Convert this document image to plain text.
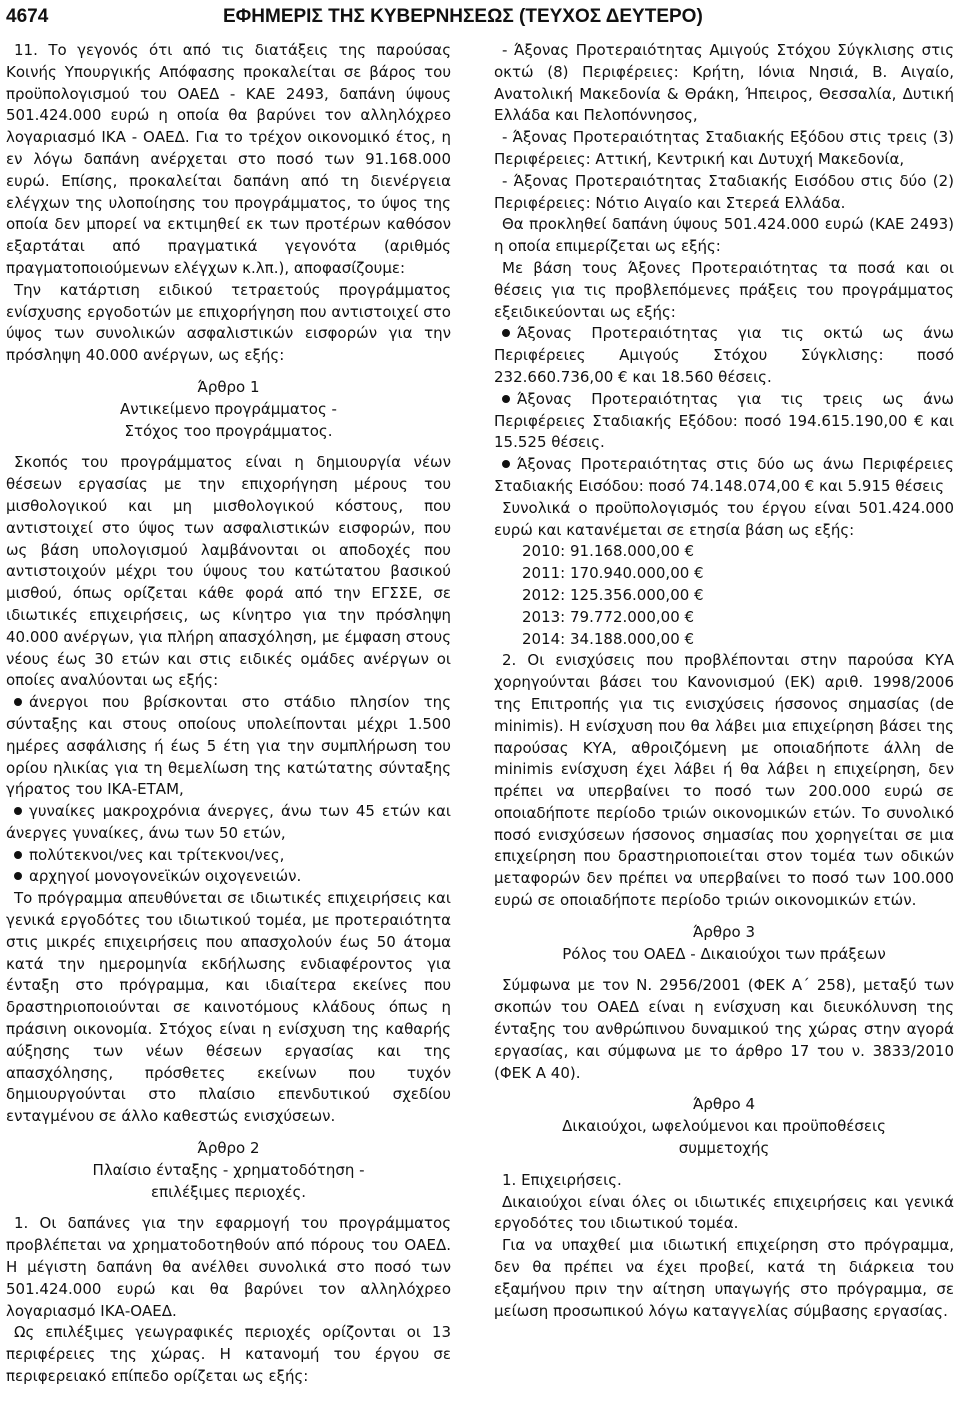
4674	ΕΦΗΜΕΡΙΣ ΤΗΣ ΚΥΒΕΡΝΗΣΕΩΣ (ΤΕΥΧΟΣ ΔΕΥΤΕΡΟ)

11. Το γεγονός ότι από τις διατάξεις της παρούσας Κοινής Υπουργικής Απόφασης προκαλείται σε βάρος του προϋπολογισμού του ΟΑΕΔ - ΚΑΕ 2493, δαπάνη ύψους 501.424.000 ευρώ η οποία θα βαρύνει τον αλληλόχρεο λογαριασμό ΙΚΑ - ΟΑΕΔ. Για το τρέχον οικονομικό έτος, η εν λόγω δαπάνη ανέρχεται στο ποσό των 91.168.000 ευρώ. Επίσης, προκαλείται δαπάνη από τη διενέργεια ελέγχων της υλοποίησης του προγράμματος, το ύψος της οποία δεν μπορεί να εκτιμηθεί εκ των προτέρων καθόσον εξαρτάται από πραγματικά γεγονότα (αριθμός πραγματοποιούμενων ελέγχων κ.λπ.), αποφασίζουμε:

Την κατάρτιση ειδικού τετραετούς προγράμματος ενίσχυσης εργοδοτών με επιχορήγηση που αντιστοιχεί στο ύψος των συνολικών ασφαλιστικών εισφορών για την πρόσληψη 40.000 ανέργων, ως εξής:

Άρθρο 1

Αντικείμενο προγράμματος -

Στόχος τοο προγράμματος.

Σκοπός του προγράμματος είναι η δημιουργία νέων θέσεων εργασίας με την επιχορήγηση μέρους του μισθολογικού και μη μισθολογικού κόστους, που αντιστοιχεί στο ύψος των ασφαλιστικών εισφορών, που ως βάση υπολογισμού λαμβάνονται οι αποδοχές που αντιστοιχούν μέχρι του ύψους του κατώτατου βασικού μισθού, όπως ορίζεται κάθε φορά από την ΕΓΣΣΕ, σε ιδιωτικές επιχειρήσεις, ως κίνητρο για την πρόσληψη 40.000 ανέργων, για πλήρη απασχόληση, με έμφαση στους νέους έως 30 ετών και στις ειδικές ομάδες ανέργων οι οποίες αναλύονται ως εξής:

άνεργοι που βρίσκονται στο στάδιο πλησίον της σύνταξης και στους οποίους υπολείπονται μέχρι 1.500 ημέρες ασφάλισης ή έως 5 έτη για την συμπλήρωση του ορίου ηλικίας για τη θεμελίωση της κατώτατης σύνταξης γήρατος του ΙΚΑ-ΕΤΑΜ,

γυναίκες μακροχρόνια άνεργες, άνω των 45 ετών και άνεργες γυναίκες, άνω των 50 ετών,

πολύτεκνοι/νες και τρίτεκνοι/νες,

αρχηγοί μονογονεϊκών οιχογενειών.

Το πρόγραμμα απευθύνεται σε ιδιωτικές επιχειρήσεις και γενικά εργοδότες του ιδιωτικού τομέα, με προτεραιότητα στις μικρές επιχειρήσεις που απασχολούν έως 50 άτομα κατά την ημερομηνία εκδήλωσης ενδιαφέροντος για ένταξη στο πρόγραμμα, και ιδιαίτερα εκείνες που δραστηριοποιούνται σε καινοτόμους κλάδους όπως η πράσινη οικονομία. Στόχος είναι η ενίσχυση της καθαρής αύξησης των νέων θέσεων εργασίας και της απασχόλησης, πρόσθετες εκείνων που τυχόν δημιουργούνται στο πλαίσιο επενδυτικού σχεδίου ενταγμένου σε άλλο καθεστώς ενισχύσεων.

Άρθρο 2

Πλαίσιο ένταξης - χρηματοδότηση -

επιλέξιμες περιοχές.

1. Οι δαπάνες για την εφαρμογή του προγράμματος προβλέπεται να χρηματοδοτηθούν από πόρους του ΟΑΕΔ. Η μέγιστη δαπάνη θα ανέλθει συνολικά στο ποσό των 501.424.000 ευρώ και θα βαρύνει τον αλληλόχρεο λογαριασμό ΙΚΑ-ΟΑΕΔ.

Ως επιλέξιμες γεωγραφικές περιοχές ορίζονται οι 13 περιφέρειες της χώρας. Η κατανομή του έργου σε περιφερειακό επίπεδο ορίζεται ως εξής:

- Άξονας Προτεραιότητας Αμιγούς Στόχου Σύγκλισης στις οκτώ (8) Περιφέρειες: Κρήτη, Ιόνια Νησιά, Β. Αιγαίο, Ανατολική Μακεδονία & Θράκη, Ήπειρος, Θεσσαλία, Δυτική Ελλάδα και Πελοπόννησος,

- Άξονας Προτεραιότητας Σταδιακής Εξόδου στις τρεις (3) Περιφέρειες: Αττική, Κεντρική και Δυτυχή Μακεδονία,

- Άξονας Προτεραιότητας Σταδιακής Εισόδου στις δύο (2) Περιφέρειες: Νότιο Αιγαίο και Στερεά Ελλάδα.

Θα προκληθεί δαπάνη ύψους 501.424.000 ευρώ (ΚΑΕ 2493) η οποία επιμερίζεται ως εξής:

Με βάση τους Άξονες Προτεραιότητας τα ποσά και οι θέσεις για τις προβλεπόμενες πράξεις του προγράμματος εξειδικεύονται ως εξής:

Άξονας Προτεραιότητας για τις οκτώ ως άνω Περιφέρειες Αμιγούς Στόχου Σύγκλισης: ποσό 232.660.736,00 € και 18.560 θέσεις.

Άξονας Προτεραιότητας για τις τρεις ως άνω Περιφέρειες Σταδιακής Εξόδου: ποσό 194.615.190,00 € και 15.525 θέσεις.

Άξονας Προτεραιότητας στις δύο ως άνω Περιφέρειες Σταδιακής Εισόδου: ποσό 74.148.074,00 € και 5.915 θέσεις

Συνολικά ο προϋπολογισμός του έργου είναι 501.424.000 ευρώ και κατανέμεται σε ετησία βάση ως εξής:

2010: 91.168.000,00 €

2011: 170.940.000,00 €

2012: 125.356.000,00 €

2013: 79.772.000,00 €

2014: 34.188.000,00 €

2. Οι ενισχύσεις που προβλέπονται στην παρούσα ΚΥΑ χορηγούνται βάσει του Κανονισμού (ΕΚ) αριθ. 1998/2006 της Επιτροπής για τις ενισχύσεις ήσσονος σημασίας (de minimis). Η ενίσχυση που θα λάβει μια επιχείρηση βάσει της παρούσας ΚΥΑ, αθροιζόμενη με οποιαδήποτε άλλη de minimis ενίσχυση έχει λάβει ή θα λάβει η επιχείρηση, δεν πρέπει να υπερβαίνει το ποσό των 200.000 ευρώ σε οποιαδήποτε περίοδο τριών οικονομικών ετών. Το συνολικό ποσό ενισχύσεων ήσσονος σημασίας που χορηγείται σε μια επιχείρηση που δραστηριοποιείται στον τομέα των οδικών μεταφορών δεν πρέπει να υπερβαίνει το ποσό των 100.000 ευρώ σε οποιαδήποτε περίοδο τριών οικονομικών ετών.

Άρθρο 3

Ρόλος του ΟΑΕΔ - Δικαιούχοι των πράξεων

Σύμφωνα με τον Ν. 2956/2001 (ΦΕΚ Α΄ 258), μεταξύ των σκοπών του ΟΑΕΔ είναι η ενίσχυση και διευκόλυνση της ένταξης του ανθρώπινου δυναμικού της χώρας στην αγορά εργασίας, και σύμφωνα με το άρθρο 17 του ν. 3833/2010 (ΦΕΚ Α 40).

Άρθρο 4

Δικαιούχοι, ωφελούμενοι και προϋποθέσεις

συμμετοχής

1. Επιχειρήσεις.

Δικαιούχοι είναι όλες οι ιδιωτικές επιχειρήσεις και γενικά εργοδότες του ιδιωτικού τομέα.

Για να υπαχθεί μια ιδιωτική επιχείρηση στο πρόγραμμα, δεν θα πρέπει να έχει προβεί, κατά τη διάρκεια του εξαμήνου πριν την αίτηση υπαγωγής στο πρόγραμμα, σε μείωση προσωπικού λόγω καταγγελίας σύμβασης εργασίας.
